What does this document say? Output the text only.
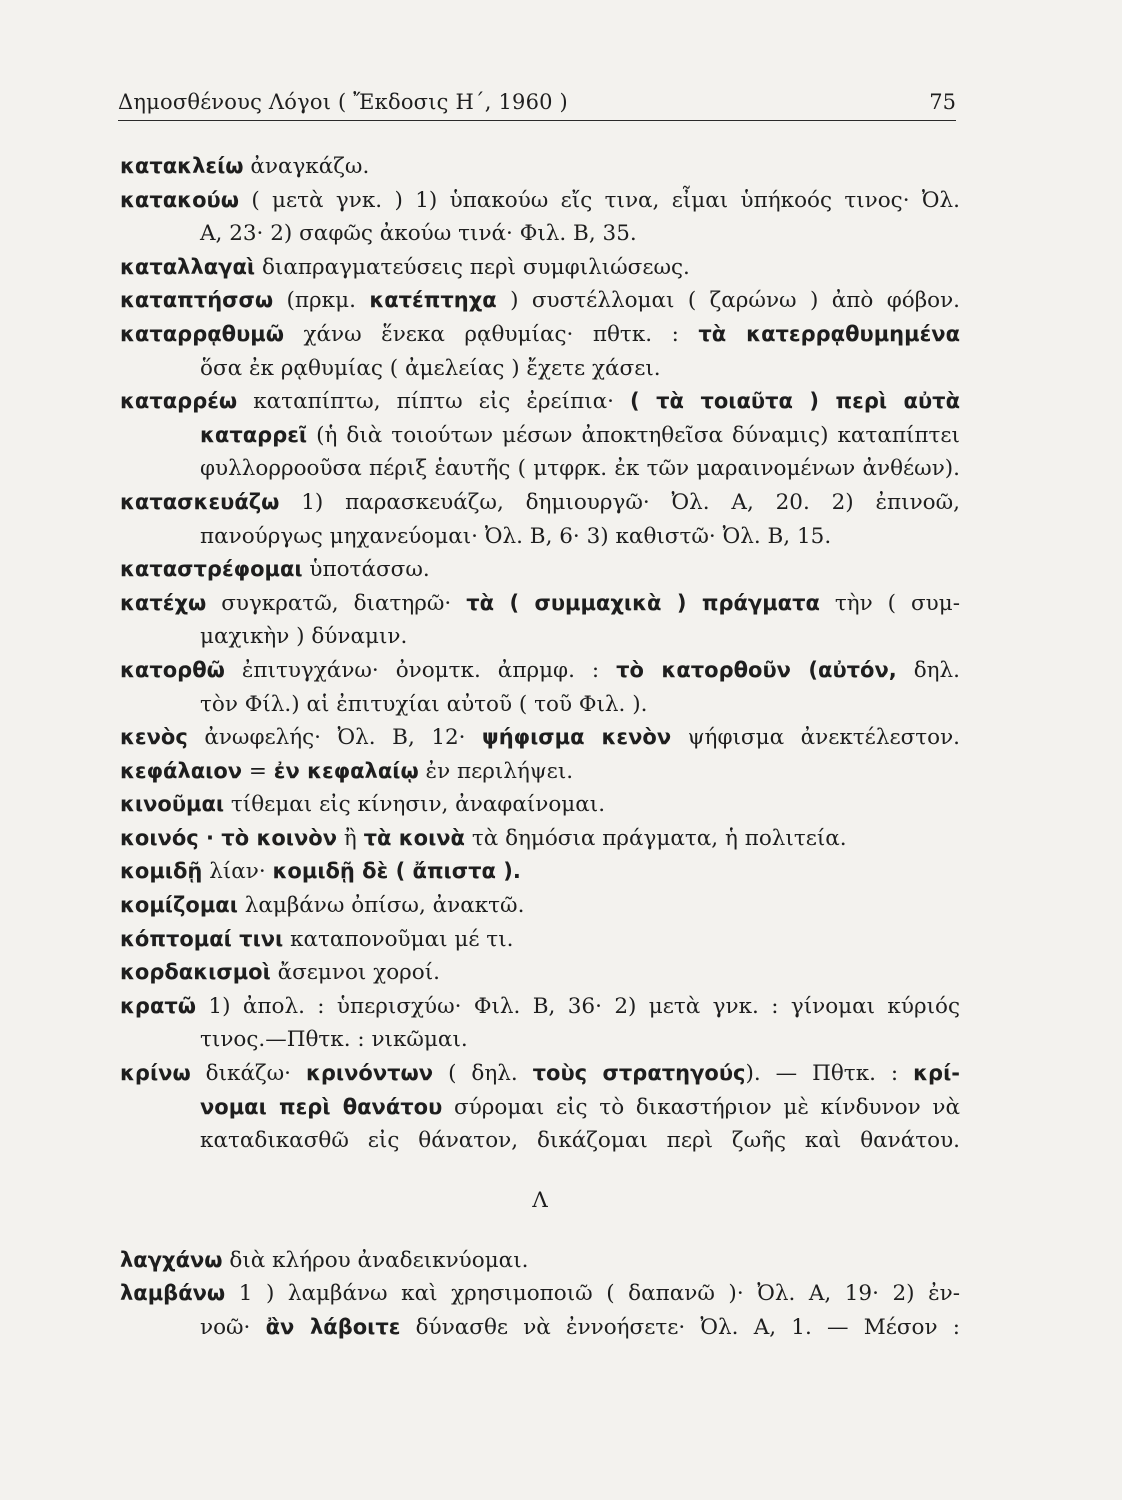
Δημοσθένους Λόγοι ( Ἔκδοσις Η΄, 1960 )	75
κατακλείω ἀναγκάζω.
κατακούω ( μετὰ γνκ. ) 1) ὑπακούω εἴς τινα, εἶμαι ὑπήκοός τινος· Ὀλ.
Α, 23· 2) σαφῶς ἀκούω τινά· Φιλ. Β, 35.
καταλλαγαὶ διαπραγματεύσεις περὶ συμφιλιώσεως.
καταπτήσσω (πρκμ. κατέπτηχα ) συστέλλομαι ( ζαρώνω ) ἀπὸ φόβον.
καταρρᾳθυμῶ χάνω ἕνεκα ρᾳθυμίας· πθτκ. : τὰ κατερρᾳθυμημένα
ὅσα ἐκ ρᾳθυμίας ( ἀμελείας ) ἔχετε χάσει.
καταρρέω καταπίπτω, πίπτω εἰς ἐρείπια· ( τὰ τοιαῦτα ) περὶ αὐτὰ
καταρρεῖ (ἡ διὰ τοιούτων μέσων ἀποκτηθεῖσα δύναμις) καταπίπτει
φυλλορροοῦσα πέριξ ἑαυτῆς ( μτφρκ. ἐκ τῶν μαραινομένων ἀνθέων).
κατασκευάζω 1) παρασκευάζω, δημιουργῶ· Ὀλ. Α, 20. 2) ἐπινοῶ,
πανούργως μηχανεύομαι· Ὀλ. Β, 6· 3) καθιστῶ· Ὀλ. Β, 15.
καταστρέφομαι ὑποτάσσω.
κατέχω συγκρατῶ, διατηρῶ· τὰ ( συμμαχικὰ ) πράγματα τὴν ( συμ-
μαχικὴν ) δύναμιν.
κατορθῶ ἐπιτυγχάνω· ὀνομτκ. ἀπρμφ. : τὸ κατορθοῦν (αὐτόν, δηλ.
τὸν Φίλ.) αἱ ἐπιτυχίαι αὐτοῦ ( τοῦ Φιλ. ).
κενὸς ἀνωφελής· Ὀλ. Β, 12· ψήφισμα κενὸν ψήφισμα ἀνεκτέλεστον.
κεφάλαιον = ἐν κεφαλαίῳ ἐν περιλήψει.
κινοῦμαι τίθεμαι εἰς κίνησιν, ἀναφαίνομαι.
κοινός · τὸ κοινὸν ἢ τὰ κοινὰ τὰ δημόσια πράγματα, ἡ πολιτεία.
κομιδῇ λίαν· κομιδῇ δὲ ( ἄπιστα ).
κομίζομαι λαμβάνω ὀπίσω, ἀνακτῶ.
κόπτομαί τινι καταπονοῦμαι μέ τι.
κορδακισμοὶ ἄσεμνοι χοροί.
κρατῶ 1) ἀπολ. : ὑπερισχύω· Φιλ. Β, 36· 2) μετὰ γνκ. : γίνομαι κύριός
τινος.—Πθτκ. : νικῶμαι.
κρίνω δικάζω· κρινόντων ( δηλ. τοὺς στρατηγούς). — Πθτκ. : κρί-
νομαι περὶ θανάτου σύρομαι εἰς τὸ δικαστήριον μὲ κίνδυνον νὰ
καταδικασθῶ εἰς θάνατον, δικάζομαι περὶ ζωῆς καὶ θανάτου.
Λ
λαγχάνω διὰ κλήρου ἀναδεικνύομαι.
λαμβάνω 1 ) λαμβάνω καὶ χρησιμοποιῶ ( δαπανῶ )· Ὀλ. Α, 19· 2) ἐν-
νοῶ· ἂν λάβοιτε δύνασθε νὰ ἐννοήσετε· Ὀλ. Α, 1. — Μέσον :
